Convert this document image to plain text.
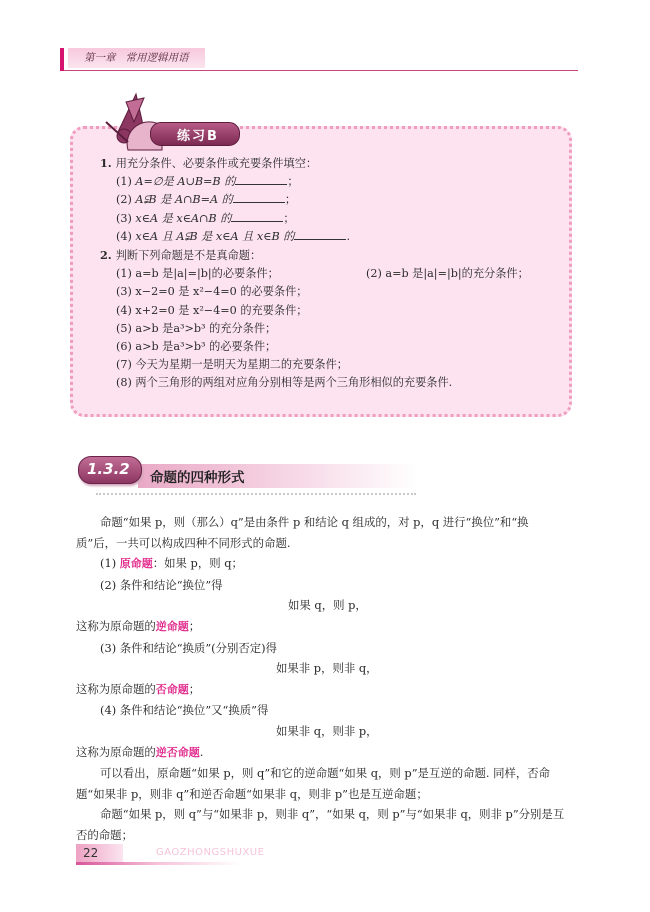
第一章 常用逻辑用语
练习B
1. 用充分条件、必要条件或充要条件填空：
(1) A=∅是 A∪B=B 的	；
(2) A⫋B 是 A∩B=A 的	；
(3) x∈A 是 x∈A∩B 的	；
(4) x∈A 且 A⫋B 是 x∈A 且 x∈B 的	.
2. 判断下列命题是不是真命题：
(1) a=b 是|a|=|b|的必要条件；	(2) a=b 是|a|=|b|的充分条件；
(3) x−2=0 是 x²−4=0 的必要条件；
(4) x+2=0 是 x²−4=0 的充要条件；
(5) a>b 是a³>b³ 的充分条件；
(6) a>b 是a³>b³ 的必要条件；
(7) 今天为星期一是明天为星期二的充要条件；
(8) 两个三角形的两组对应角分别相等是两个三角形相似的充要条件.
命题的四种形式
1.3.2

命题“如果 p，则（那么）q”是由条件 p 和结论 q 组成的，对 p，q 进行“换位”和“换质”后，一共可以构成四种不同形式的命题.

(1) 原命题：如果 p，则 q；

(2) 条件和结论“换位”得

如果 q，则 p，

这称为原命题的逆命题；

(3) 条件和结论“换质”(分别否定)得

如果非 p，则非 q，

这称为原命题的否命题；

(4) 条件和结论“换位”又“换质”得

如果非 q，则非 p，

这称为原命题的逆否命题.

可以看出，原命题“如果 p，则 q”和它的逆命题“如果 q，则 p”是互逆的命题. 同样，否命题“如果非 p，则非 q”和逆否命题“如果非 q，则非 p”也是互逆命题；

命题“如果 p，则 q”与“如果非 p，则非 q”，“如果 q，则 p”与“如果非 q，则非 p”分别是互否的命题；

22	GAOZHONGSHUXUE
